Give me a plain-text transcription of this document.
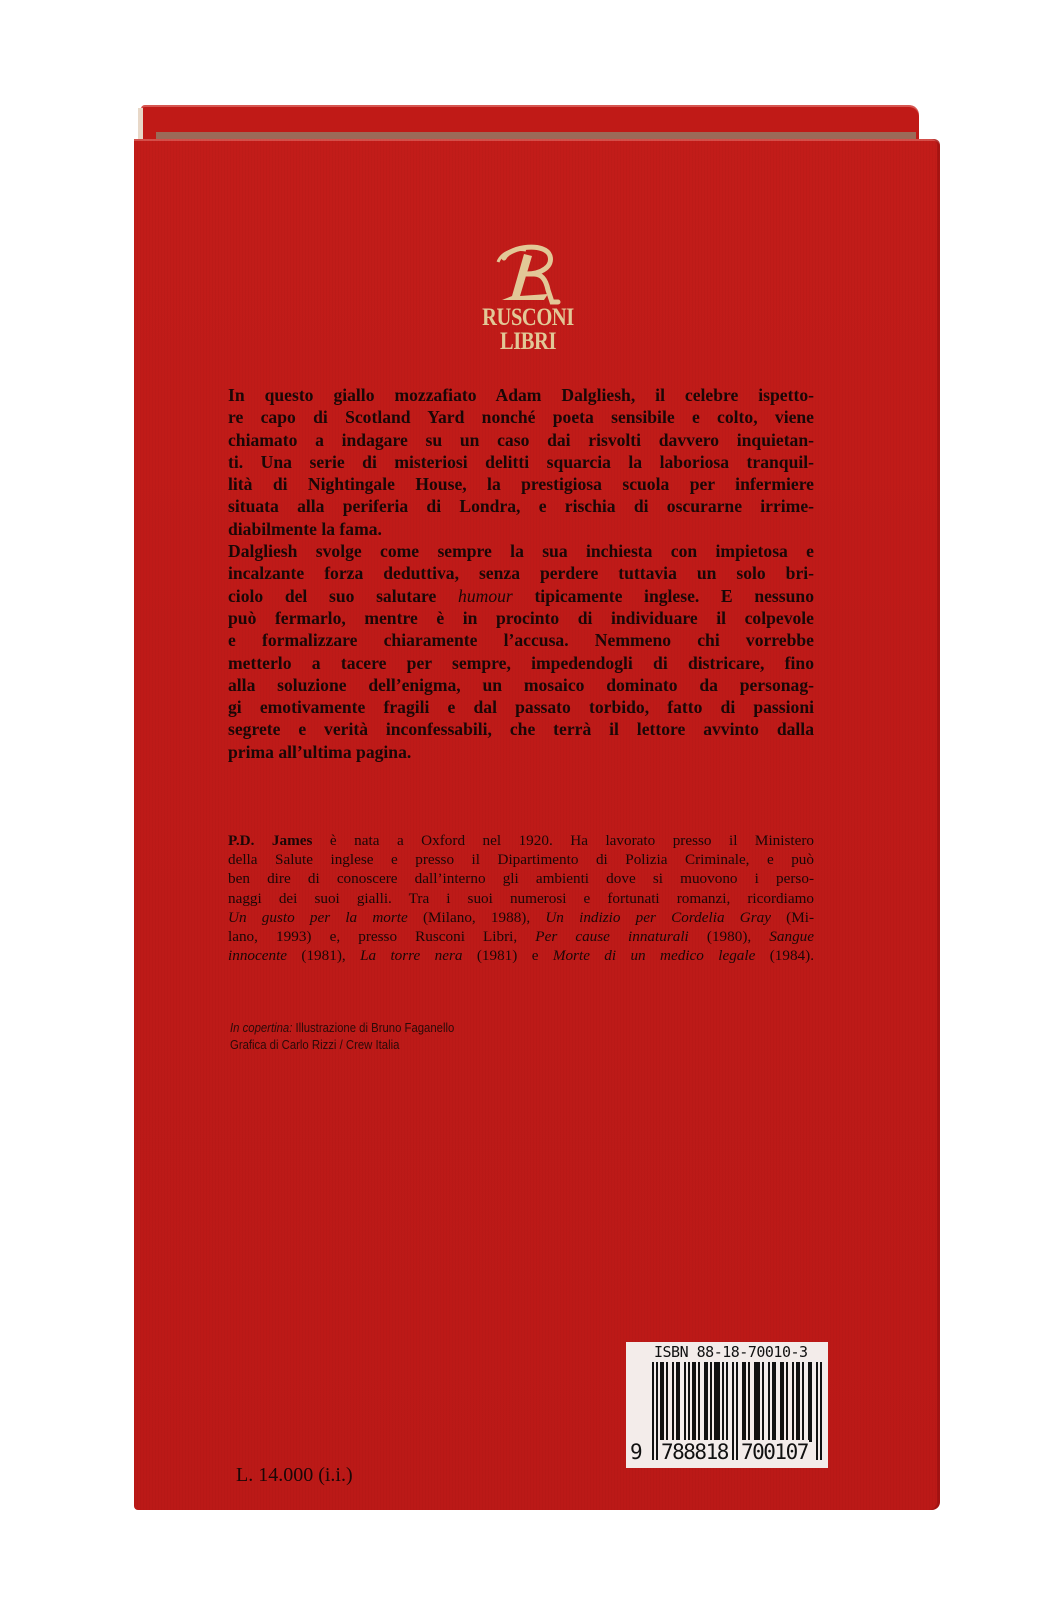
RUSCONI
LIBRI
In questo giallo mozzafiato Adam Dalgliesh, il celebre ispetto-
re capo di Scotland Yard nonché poeta sensibile e colto, viene
chiamato a indagare su un caso dai risvolti davvero inquietan-
ti. Una serie di misteriosi delitti squarcia la laboriosa tranquil-
lità di Nightingale House, la prestigiosa scuola per infermiere
situata alla periferia di Londra, e rischia di oscurarne irrime-
diabilmente la fama.
Dalgliesh svolge come sempre la sua inchiesta con impietosa e
incalzante forza deduttiva, senza perdere tuttavia un solo bri-
ciolo del suo salutare humour tipicamente inglese. E nessuno
può fermarlo, mentre è in procinto di individuare il colpevole
e formalizzare chiaramente l’accusa. Nemmeno chi vorrebbe
metterlo a tacere per sempre, impedendogli di districare, fino
alla soluzione dell’enigma, un mosaico dominato da personag-
gi emotivamente fragili e dal passato torbido, fatto di passioni
segrete e verità inconfessabili, che terrà il lettore avvinto dalla
prima all’ultima pagina.
P.D. James è nata a Oxford nel 1920. Ha lavorato presso il Ministero
della Salute inglese e presso il Dipartimento di Polizia Criminale, e può
ben dire di conoscere dall’interno gli ambienti dove si muovono i perso-
naggi dei suoi gialli. Tra i suoi numerosi e fortunati romanzi, ricordiamo
Un gusto per la morte (Milano, 1988), Un indizio per Cordelia Gray (Mi-
lano, 1993) e, presso Rusconi Libri, Per cause innaturali (1980), Sangue
innocente (1981), La torre nera (1981) e Morte di un medico legale (1984).
In copertina: Illustrazione di Bruno Faganello
Grafica di Carlo Rizzi / Crew Italia
L. 14.000 (i.i.)
ISBN 88-18-70010-3
9 788818 700107
